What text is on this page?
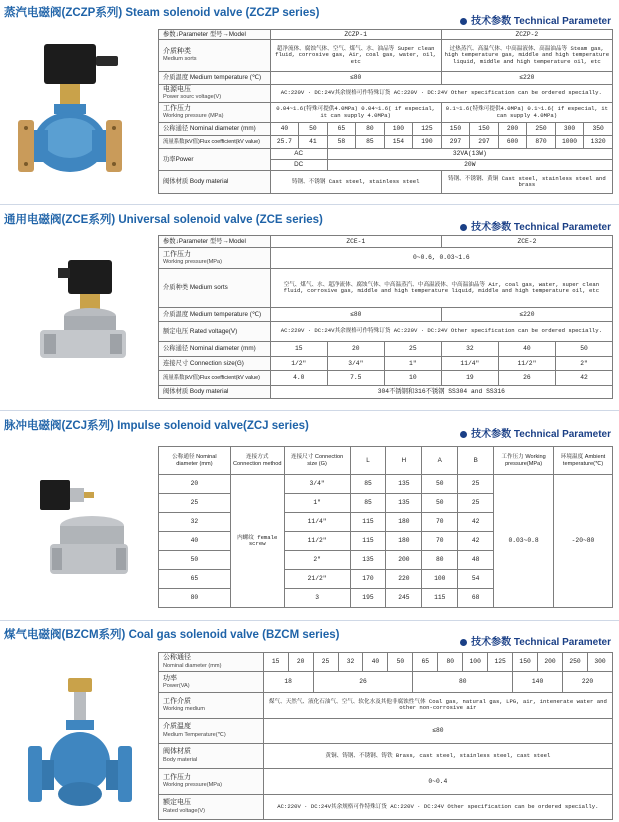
蒸汽电磁阀(ZCZP系列) Steam solenoid valve (ZCZP series)
技术参数 Technical Parameter
参数↓Parameter 型号→Model	ZCZP-1						ZCZP-2					

介质种类
Medium sorts	超净流体、腐蚀气体、空气、煤气、水、油品等 Super clean fluid, corrosive gas, Air, coal gas, water, oil, etc						过热蒸汽、高温气体、中高温液体、高温油品等 Steam gas, high temperature gas, middle and high temperature liquid, middle and high temperature oil, etc					
介质温度 Medium temperature (℃)	≤80						≤220					

电源电压
Power sourc voltage(V)	AC:220V · DC:24V其余规格可作特殊订货 AC:220V · DC:24V Other specification can be ordered specially.											

工作压力
Working pressure (MPa)	0.04~1.6(特殊可提供4.0MPa) 0.04~1.6( if especial, it can supply 4.0MPa)						0.1~1.6(特殊可提供4.0MPa) 0.1~1.6( if especial, it can supply 4.0MPa)					
公称通径 Nominal diameter (mm)	40	50	65	80	100	125	150	150	200	250	300	350
流量系数(kV值)Flux coefficient(kV value)	25.7	41	58	85	154	190	297	297	600	870	1000	1320
功率Power	AC		32VA(13W)									
	DC		20W									
阀体材质 Body material	铸钢、不锈钢 Cast steel, stainless steel						铸钢、不锈钢、黄铜 Cast steel, stainless steel and brass					
通用电磁阀(ZCE系列) Universal solenoid valve (ZCE series)
技术参数 Technical Parameter
参数↓Parameter 型号→Model	ZCE-1			ZCE-2		

工作压力
Working pressure(MPa)	0~0.6, 0.03~1.6					
介质种类 Medium sorts	空气、煤气、水、超净流体、腐蚀气体、中高温蒸汽、中高温液体、中高温油品等 Air, coal gas, water, super clean fluid, corrosive gas, middle and high temperature liquid, middle and high temperature oil, etc					
介质温度 Medium temperature (℃)	≤80			≤220		
额定电压 Rated voltage(V)	AC:220V · DC:24V其余规格可作特殊订货 AC:220V · DC:24V Other specification can be ordered specially.					
公称通径 Nominal diameter (mm)	15	20	25	32	40	50
连接尺寸 Connection size(G)	1/2"	3/4"	1"	11/4"	11/2"	2"
流量系数(kV值)Flux coefficient(kV value)	4.0	7.5	10	19	26	42
阀体材质 Body material	304不锈钢和316不锈钢 SS304 and SS316					
脉冲电磁阀(ZCJ系列) Impulse solenoid valve(ZCJ series)
技术参数 Technical Parameter
公称通径 Nominal diameter (mm)	连接方式 Connection method	连接尺寸 Connection size (G)	L	H	A	B	工作压力 Working pressure(MPa)	环境温度 Ambient temperature(℃)
20	内螺纹 female screw	3/4"	85	135	50	25	0.03~0.8	-20~80
25		1"	85	135	50	25		
32		11/4"	115	180	70	42		
40		11/2"	115	180	70	42		
50		2"	135	200	80	48		
65		21/2"	170	220	100	54		
80		3	195	245	115	68		
煤气电磁阀(BZCM系列) Coal gas solenoid valve (BZCM series)
技术参数 Technical Parameter
公称通径
Nominal diameter (mm)	15	20	25	32	40	50	65	80	100	125	150	200	250	300

功率
Power(VA)	18		26				80				140		220	

工作介质
Working medium	煤气、天然气、液化石油气、空气、软化水及其他非腐蚀性气体 Coal gas, natural gas, LPG, air, intenerate water and other non-corrosive air													

介质温度
Medium Temperature(℃)	≤80													

阀体材质
Body material	黄铜、铸钢、不锈钢、铸铁 Brass, cast steel, stainless steel, cast steel													

工作压力
Working pressure(MPa)	0~0.4													

额定电压
Rated voltage(V)	AC:220V · DC:24V其余规格可作特殊订货 AC:220V · DC:24V Other specification can be ordered specially.													
